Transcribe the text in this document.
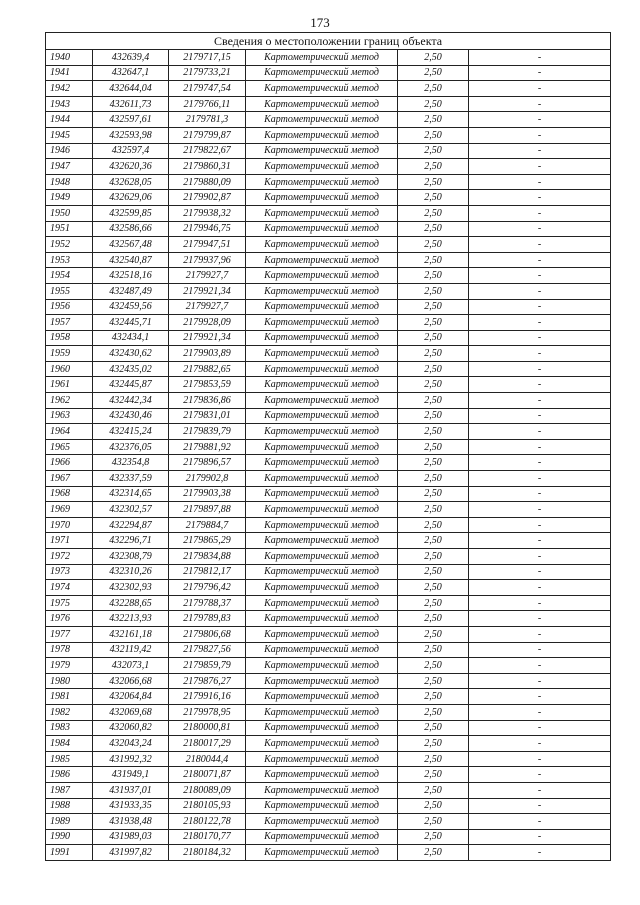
173
Сведения о местоположении границ объекта					
1940	432639,4	2179717,15	Картометрический метод	2,50	-
1941	432647,1	2179733,21	Картометрический метод	2,50	-
1942	432644,04	2179747,54	Картометрический метод	2,50	-
1943	432611,73	2179766,11	Картометрический метод	2,50	-
1944	432597,61	2179781,3	Картометрический метод	2,50	-
1945	432593,98	2179799,87	Картометрический метод	2,50	-
1946	432597,4	2179822,67	Картометрический метод	2,50	-
1947	432620,36	2179860,31	Картометрический метод	2,50	-
1948	432628,05	2179880,09	Картометрический метод	2,50	-
1949	432629,06	2179902,87	Картометрический метод	2,50	-
1950	432599,85	2179938,32	Картометрический метод	2,50	-
1951	432586,66	2179946,75	Картометрический метод	2,50	-
1952	432567,48	2179947,51	Картометрический метод	2,50	-
1953	432540,87	2179937,96	Картометрический метод	2,50	-
1954	432518,16	2179927,7	Картометрический метод	2,50	-
1955	432487,49	2179921,34	Картометрический метод	2,50	-
1956	432459,56	2179927,7	Картометрический метод	2,50	-
1957	432445,71	2179928,09	Картометрический метод	2,50	-
1958	432434,1	2179921,34	Картометрический метод	2,50	-
1959	432430,62	2179903,89	Картометрический метод	2,50	-
1960	432435,02	2179882,65	Картометрический метод	2,50	-
1961	432445,87	2179853,59	Картометрический метод	2,50	-
1962	432442,34	2179836,86	Картометрический метод	2,50	-
1963	432430,46	2179831,01	Картометрический метод	2,50	-
1964	432415,24	2179839,79	Картометрический метод	2,50	-
1965	432376,05	2179881,92	Картометрический метод	2,50	-
1966	432354,8	2179896,57	Картометрический метод	2,50	-
1967	432337,59	2179902,8	Картометрический метод	2,50	-
1968	432314,65	2179903,38	Картометрический метод	2,50	-
1969	432302,57	2179897,88	Картометрический метод	2,50	-
1970	432294,87	2179884,7	Картометрический метод	2,50	-
1971	432296,71	2179865,29	Картометрический метод	2,50	-
1972	432308,79	2179834,88	Картометрический метод	2,50	-
1973	432310,26	2179812,17	Картометрический метод	2,50	-
1974	432302,93	2179796,42	Картометрический метод	2,50	-
1975	432288,65	2179788,37	Картометрический метод	2,50	-
1976	432213,93	2179789,83	Картометрический метод	2,50	-
1977	432161,18	2179806,68	Картометрический метод	2,50	-
1978	432119,42	2179827,56	Картометрический метод	2,50	-
1979	432073,1	2179859,79	Картометрический метод	2,50	-
1980	432066,68	2179876,27	Картометрический метод	2,50	-
1981	432064,84	2179916,16	Картометрический метод	2,50	-
1982	432069,68	2179978,95	Картометрический метод	2,50	-
1983	432060,82	2180000,81	Картометрический метод	2,50	-
1984	432043,24	2180017,29	Картометрический метод	2,50	-
1985	431992,32	2180044,4	Картометрический метод	2,50	-
1986	431949,1	2180071,87	Картометрический метод	2,50	-
1987	431937,01	2180089,09	Картометрический метод	2,50	-
1988	431933,35	2180105,93	Картометрический метод	2,50	-
1989	431938,48	2180122,78	Картометрический метод	2,50	-
1990	431989,03	2180170,77	Картометрический метод	2,50	-
1991	431997,82	2180184,32	Картометрический метод	2,50	-
